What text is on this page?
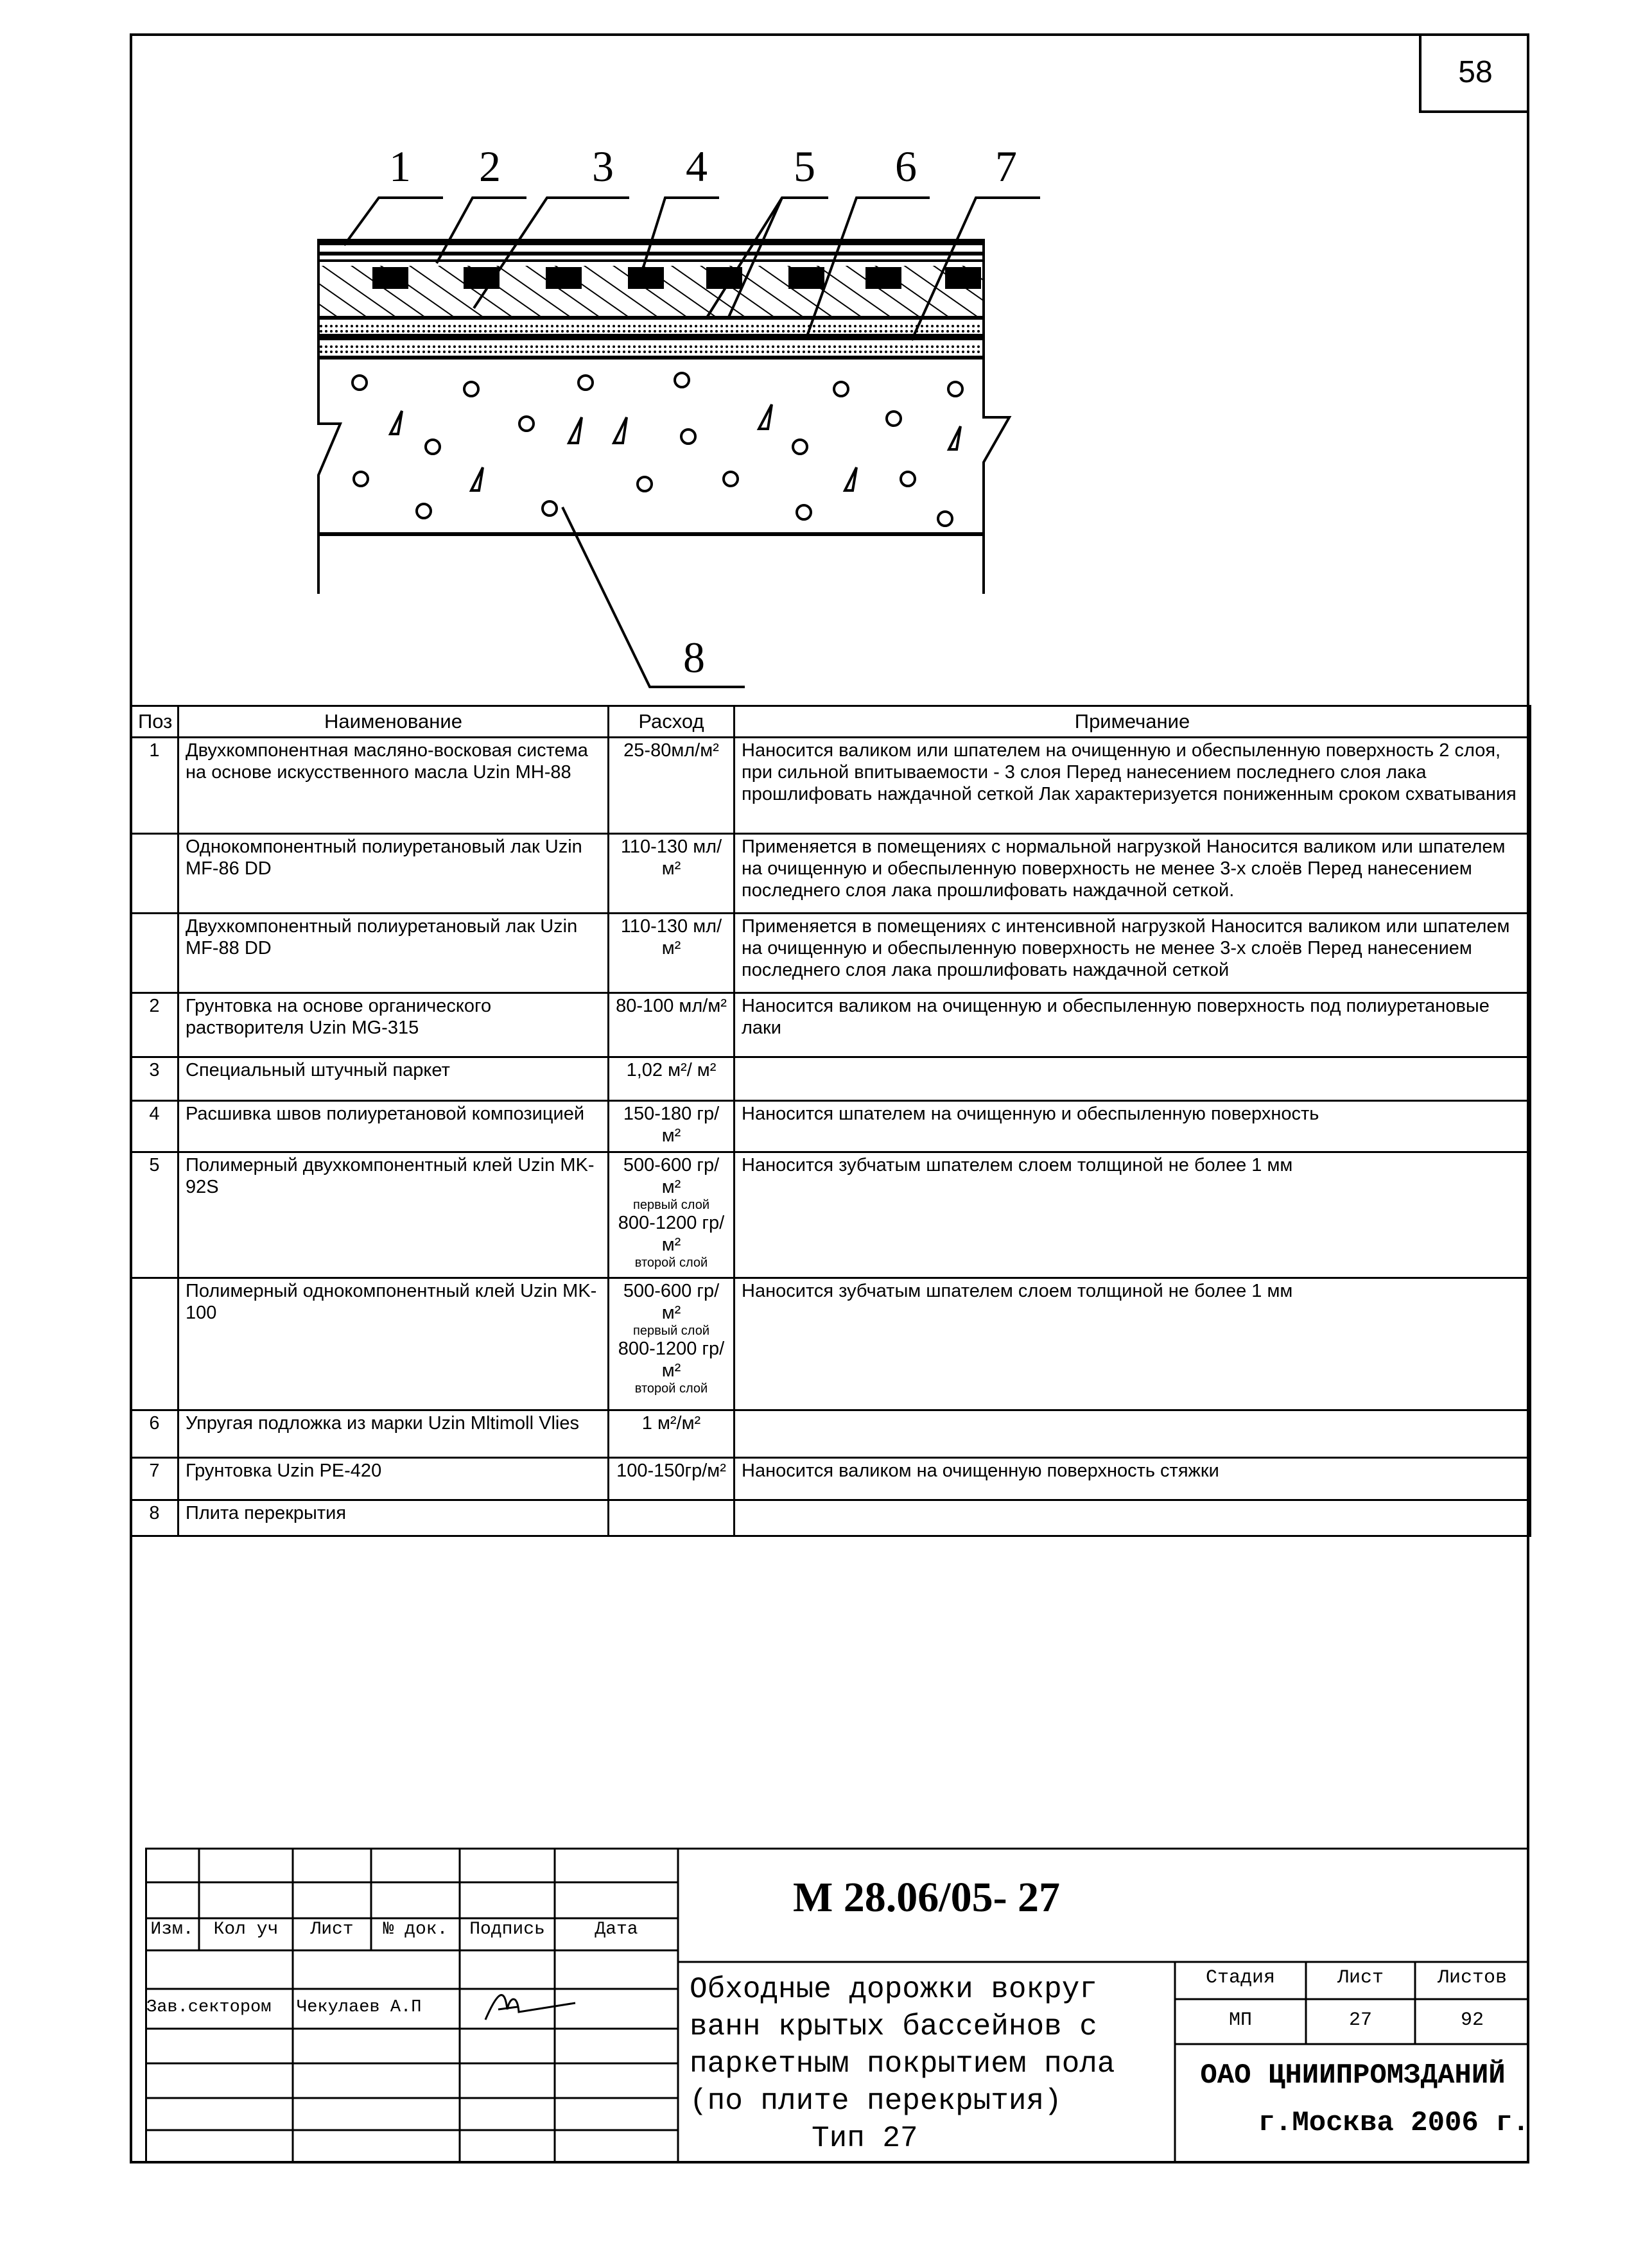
58
1 2 3 4 5 6 7
8
Поз	Наименование	Расход	Примечание
1	Двухкомпонентная масляно-восковая система на основе искусственного масла Uzin MH-88	25-80мл/м²	Наносится валиком или шпателем на очищенную и обеспыленную поверхность 2 слоя, при сильной впитываемости - 3 слоя Перед нанесением последнего слоя лака прошлифовать наждачной сеткой Лак характеризуется пониженным сроком схватывания
	Однокомпонентный полиуретановый лак Uzin MF-86 DD	110-130 мл/м²	Применяется в помещениях с нормальной нагрузкой Наносится валиком или шпателем на очищенную и обеспыленную поверхность не менее 3-х слоёв Перед нанесением последнего слоя лака прошлифовать наждачной сеткой.
	Двухкомпонентный полиуретановый лак Uzin MF-88 DD	110-130 мл/м²	Применяется в помещениях с интенсивной нагрузкой Наносится валиком или шпателем на очищенную и обеспыленную поверхность не менее 3-х слоёв Перед нанесением последнего слоя лака прошлифовать наждачной сеткой
2	Грунтовка на основе органического растворителя Uzin MG-315	80-100 мл/м²	Наносится валиком на очищенную и обеспыленную поверхность под полиуретановые лаки
3	Специальный штучный паркет	1,02 м²/ м²	
4	Расшивка швов полиуретановой композицией	150-180 гр/м²	Наносится шпателем на очищенную и обеспыленную поверхность
5	Полимерный двухкомпонентный клей Uzin MK-92S	500-600 гр/м²
первый слой
800-1200 гр/м²
второй слой	Наносится зубчатым шпателем слоем толщиной не более 1 мм
	Полимерный однокомпонентный клей Uzin MK-100	500-600 гр/м²
первый слой
800-1200 гр/м²
второй слой	Наносится зубчатым шпателем слоем толщиной не более 1 мм
6	Упругая подложка из марки Uzin Mltimoll Vlies	1 м²/м²	
7	Грунтовка Uzin PE-420	100-150гр/м²	Наносится валиком на очищенную поверхность стяжки
8	Плита перекрытия		
М 28.06/05- 27
Изм.	Кол уч	Лист	№ док.	Подпись	Дата
Зав.сектором	Чекулаев А.П
Обходные дорожки вокруг
ванн крытых бассейнов с
паркетным покрытием пола
(по плите перекрытия)
Тип 27
Стадия	Лист	Листов
МП	27	92
ОАО ЦНИИПРОМЗДАНИЙ
г.Москва 2006 г.
